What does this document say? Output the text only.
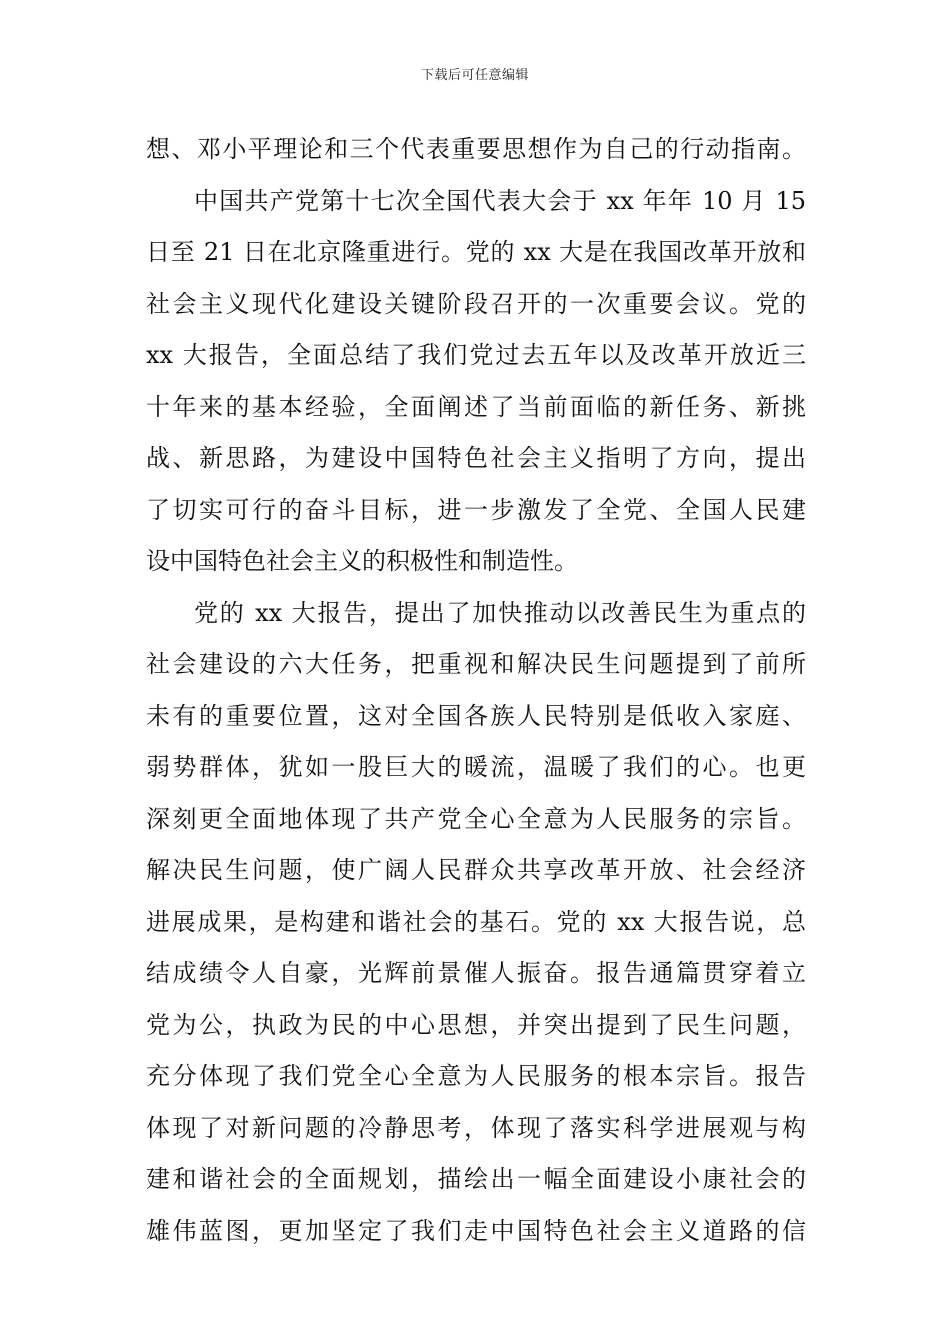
下载后可任意编辑
想、邓小平理论和三个代表重要思想作为自己的行动指南。
中国共产党第十七次全国代表大会于 xx 年年 10 月 15
日至 21 日在北京隆重进行。党的 xx 大是在我国改革开放和
社会主义现代化建设关键阶段召开的一次重要会议。党的
xx 大报告，全面总结了我们党过去五年以及改革开放近三
十年来的基本经验，全面阐述了当前面临的新任务、新挑
战、新思路，为建设中国特色社会主义指明了方向，提出
了切实可行的奋斗目标，进一步激发了全党、全国人民建
设中国特色社会主义的积极性和制造性。
党的 xx 大报告，提出了加快推动以改善民生为重点的
社会建设的六大任务，把重视和解决民生问题提到了前所
未有的重要位置，这对全国各族人民特别是低收入家庭、
弱势群体，犹如一股巨大的暖流，温暖了我们的心。也更
深刻更全面地体现了共产党全心全意为人民服务的宗旨。
解决民生问题，使广阔人民群众共享改革开放、社会经济
进展成果，是构建和谐社会的基石。党的 xx 大报告说，总
结成绩令人自豪，光辉前景催人振奋。报告通篇贯穿着立
党为公，执政为民的中心思想，并突出提到了民生问题，
充分体现了我们党全心全意为人民服务的根本宗旨。报告
体现了对新问题的冷静思考，体现了落实科学进展观与构
建和谐社会的全面规划，描绘出一幅全面建设小康社会的
雄伟蓝图，更加坚定了我们走中国特色社会主义道路的信
